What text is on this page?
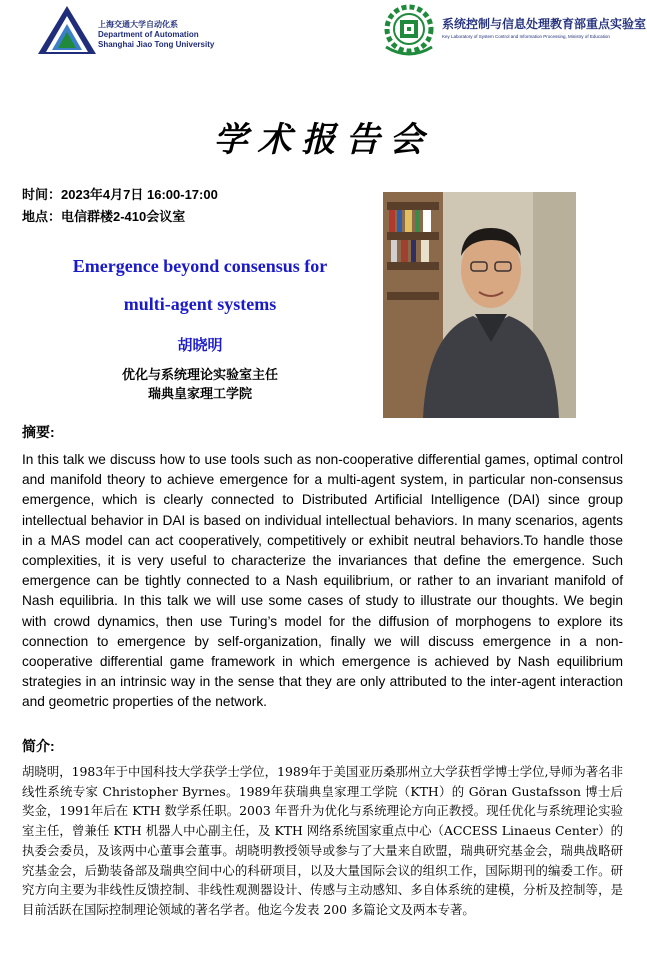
上海交通大学自动化系
Department of Automation
Shanghai Jiao Tong University
系统控制与信息处理教育部重点实验室
Key Laboratory of System Control and Information Processing, Ministry of Education
学术报告会
时间：2023年4月7日 16:00-17:00
地点：电信群楼2-410会议室
Emergence beyond consensus for
multi-agent systems
胡晓明
优化与系统理论实验室主任
瑞典皇家理工学院
摘要:
In this talk we discuss how to use tools such as non-cooperative differential games, optimal control and manifold theory to achieve emergence for a multi-agent system, in particular non-consensus emergence, which is clearly connected to Distributed Artificial Intelligence (DAI) since group intellectual behavior in DAI is based on individual intellectual behaviors. In many scenarios, agents in a MAS model can act cooperatively, competitively or exhibit neutral behaviors.To handle those complexities, it is very useful to characterize the invariances that define the emergence. Such emergence can be tightly connected to a Nash equilibrium, or rather to an invariant manifold of Nash equilibria. In this talk we will use some cases of study to illustrate our thoughts. We begin with crowd dynamics, then use Turing’s model for the diffusion of morphogens to explore its connection to emergence by self-organization, finally we will discuss emergence in a non-cooperative differential game framework in which emergence is achieved by Nash equilibrium strategies in an intrinsic way in the sense that they are only attributed to the inter-agent interaction and geometric properties of the network.
简介:
胡晓明，1983年于中国科技大学获学士学位，1989年于美国亚历桑那州立大学获哲学博士学位,导师为著名非线性系统专家 Christopher Byrnes。1989年获瑞典皇家理工学院（KTH）的 Göran Gustafsson 博士后奖金，1991年后在 KTH 数学系任职。2003 年晋升为优化与系统理论方向正教授。现任优化与系统理论实验室主任，曾兼任 KTH 机器人中心副主任，及 KTH 网络系统国家重点中心（ACCESS Linaeus Center）的执委会委员，及该两中心董事会董事。胡晓明教授领导或参与了大量来自欧盟，瑞典研究基金会，瑞典战略研究基金会，后勤装备部及瑞典空间中心的科研项目，以及大量国际会议的组织工作，国际期刊的编委工作。研究方向主要为非线性反馈控制、非线性观测器设计、传感与主动感知、多自体系统的建模，分析及控制等，是目前活跃在国际控制理论领域的著名学者。他迄今发表 200 多篇论文及两本专著。
